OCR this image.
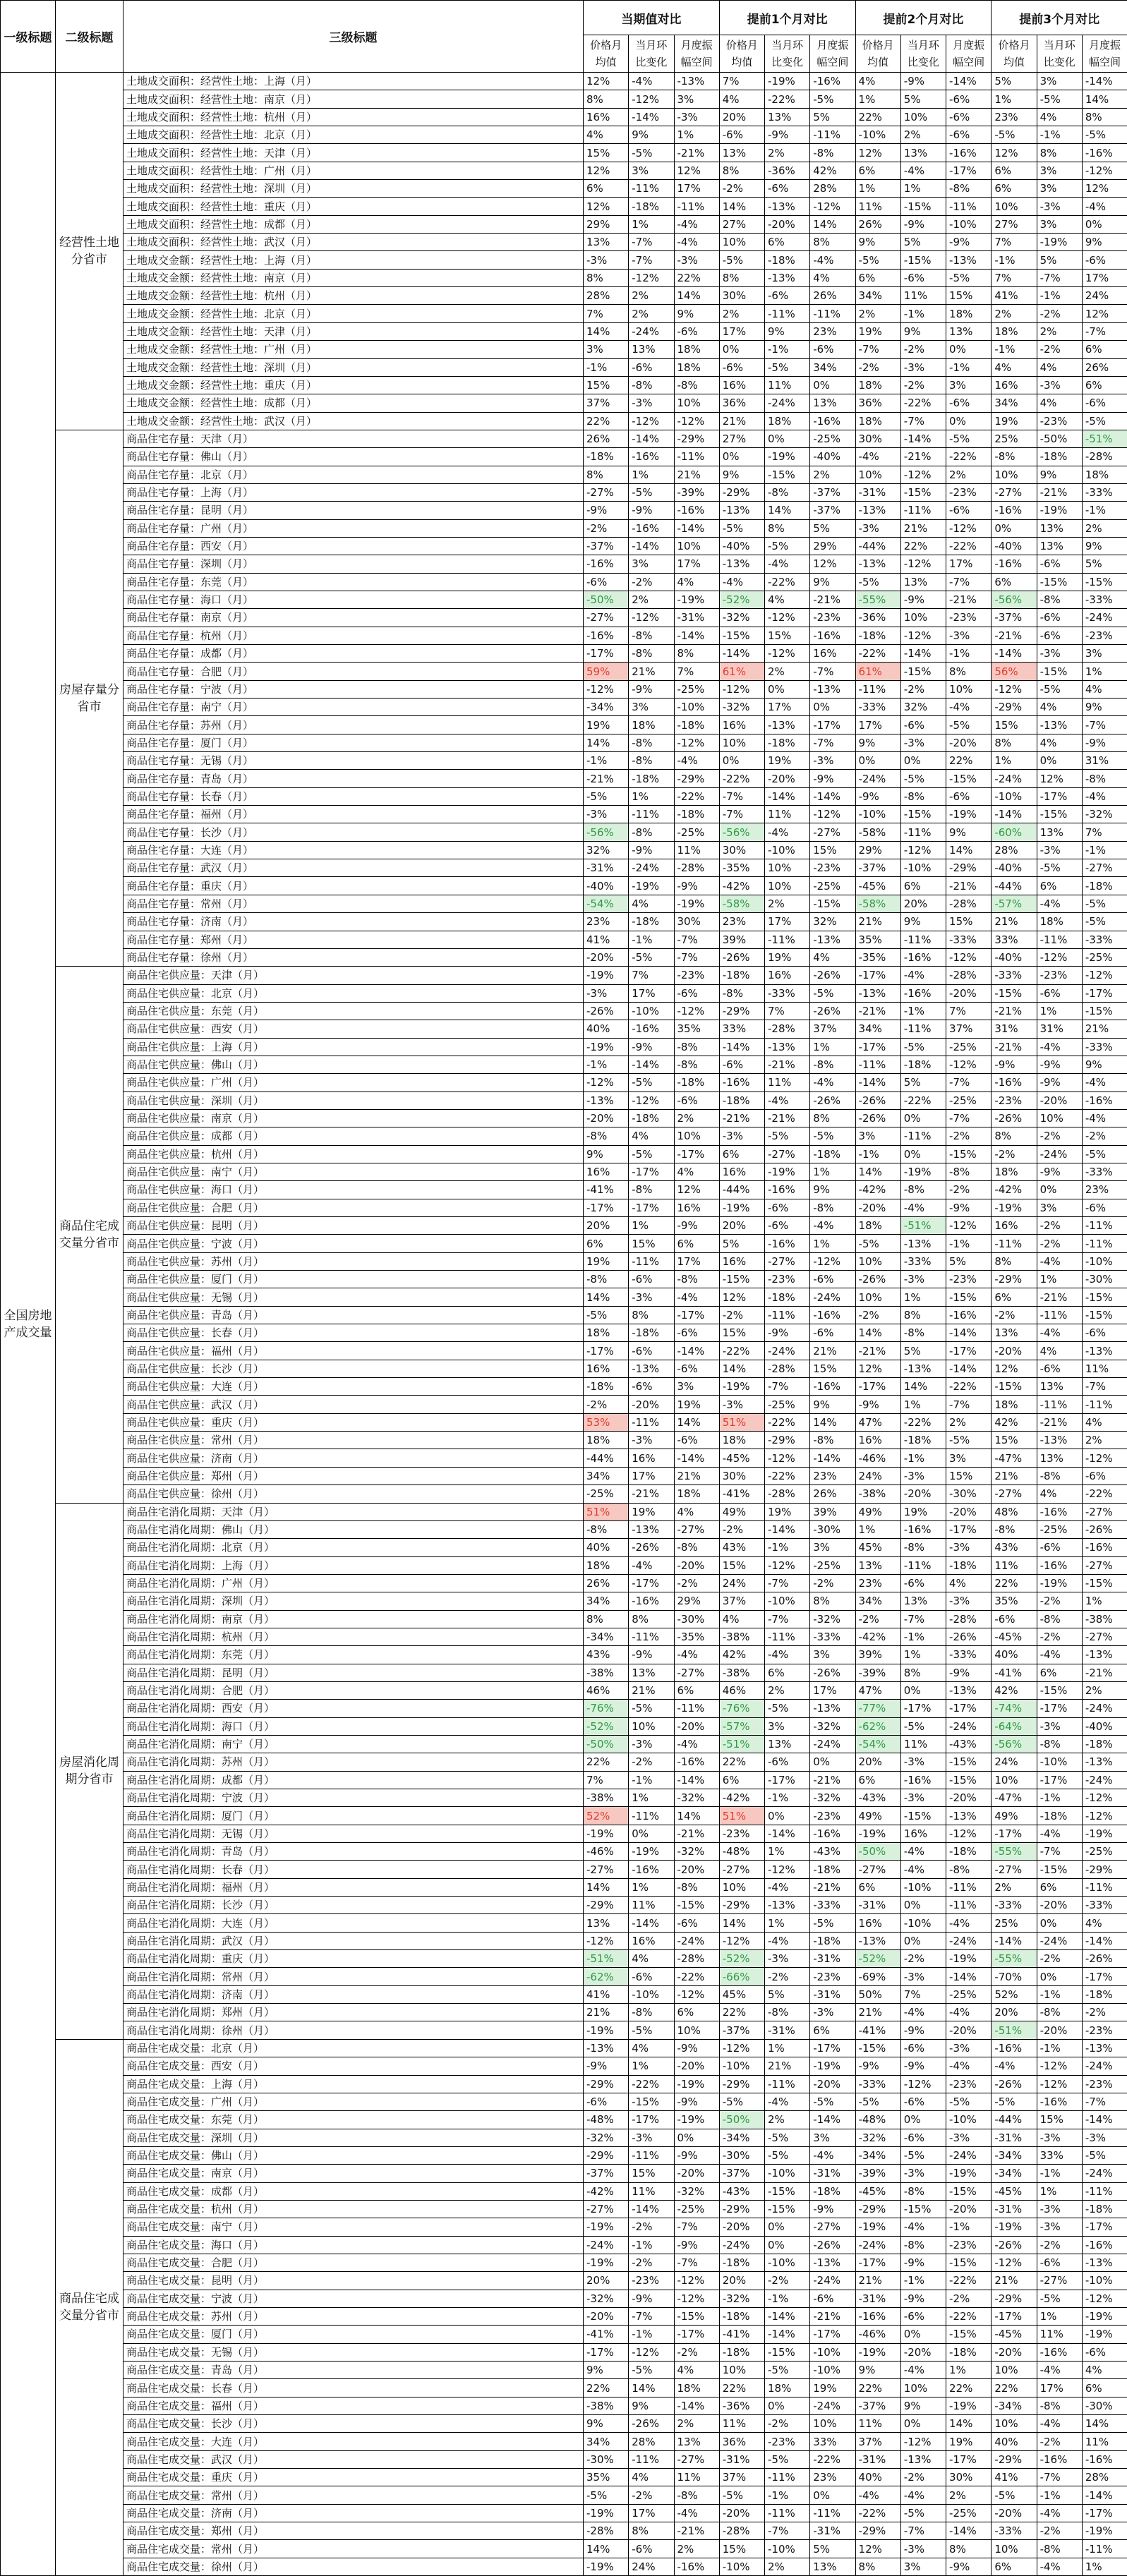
一级标题	二级标题	三级标题	当期值对比			提前1个月对比			提前2个月对比			提前3个月对比		
			价格月均值	当月环比变化	月度振幅空间	价格月均值	当月环比变化	月度振幅空间	价格月均值	当月环比变化	月度振幅空间	价格月均值	当月环比变化	月度振幅空间
全国房地产成交量	经营性土地分省市	土地成交面积：经营性土地：上海（月）	12%	-4%	-13%	7%	-19%	-16%	4%	-9%	-14%	5%	3%	-14%
		土地成交面积：经营性土地：南京（月）	8%	-12%	3%	4%	-22%	-5%	1%	5%	-6%	1%	-5%	14%
		土地成交面积：经营性土地：杭州（月）	16%	-14%	-3%	20%	13%	5%	22%	10%	-6%	23%	4%	8%
		土地成交面积：经营性土地：北京（月）	4%	9%	1%	-6%	-9%	-11%	-10%	2%	-6%	-5%	-1%	-5%
		土地成交面积：经营性土地：天津（月）	15%	-5%	-21%	13%	2%	-8%	12%	13%	-16%	12%	8%	-16%
		土地成交面积：经营性土地：广州（月）	12%	3%	12%	8%	-36%	42%	6%	-4%	-17%	6%	3%	-12%
		土地成交面积：经营性土地：深圳（月）	6%	-11%	17%	-2%	-6%	28%	1%	1%	-8%	6%	3%	12%
		土地成交面积：经营性土地：重庆（月）	12%	-18%	-11%	14%	-13%	-12%	11%	-15%	-11%	10%	-3%	-4%
		土地成交面积：经营性土地：成都（月）	29%	1%	-4%	27%	-20%	14%	26%	-9%	-10%	27%	3%	0%
		土地成交面积：经营性土地：武汉（月）	13%	-7%	-4%	10%	6%	8%	9%	5%	-9%	7%	-19%	9%
		土地成交金额：经营性土地：上海（月）	-3%	-7%	-3%	-5%	-18%	-4%	-5%	-15%	-13%	-1%	5%	-6%
		土地成交金额：经营性土地：南京（月）	8%	-12%	22%	8%	-13%	4%	6%	-6%	-5%	7%	-7%	17%
		土地成交金额：经营性土地：杭州（月）	28%	2%	14%	30%	-6%	26%	34%	11%	15%	41%	-1%	24%
		土地成交金额：经营性土地：北京（月）	7%	2%	9%	2%	-11%	-11%	2%	-1%	18%	2%	-2%	12%
		土地成交金额：经营性土地：天津（月）	14%	-24%	-6%	17%	9%	23%	19%	9%	13%	18%	2%	-7%
		土地成交金额：经营性土地：广州（月）	3%	13%	18%	0%	-1%	-6%	-7%	-2%	0%	-1%	-2%	6%
		土地成交金额：经营性土地：深圳（月）	-1%	-6%	18%	-6%	-5%	34%	-2%	-3%	-1%	4%	4%	26%
		土地成交金额：经营性土地：重庆（月）	15%	-8%	-8%	16%	11%	0%	18%	-2%	3%	16%	-3%	6%
		土地成交金额：经营性土地：成都（月）	37%	-3%	10%	36%	-24%	13%	36%	-22%	-6%	34%	4%	-6%
		土地成交金额：经营性土地：武汉（月）	22%	-12%	-12%	21%	18%	-16%	18%	-7%	0%	19%	-23%	-5%
	房屋存量分省市	商品住宅存量：天津（月）	26%	-14%	-29%	27%	0%	-25%	30%	-14%	-5%	25%	-50%	-51%
		商品住宅存量：佛山（月）	-18%	-16%	-11%	0%	-19%	-40%	-4%	-21%	-22%	-8%	-18%	-28%
		商品住宅存量：北京（月）	8%	1%	21%	9%	-15%	2%	10%	-12%	2%	10%	9%	18%
		商品住宅存量：上海（月）	-27%	-5%	-39%	-29%	-8%	-37%	-31%	-15%	-23%	-27%	-21%	-33%
		商品住宅存量：昆明（月）	-9%	-9%	-16%	-13%	14%	-37%	-13%	-11%	-6%	-16%	-19%	-1%
		商品住宅存量：广州（月）	-2%	-16%	-14%	-5%	8%	5%	-3%	21%	-12%	0%	13%	2%
		商品住宅存量：西安（月）	-37%	-14%	10%	-40%	-5%	29%	-44%	22%	-22%	-40%	13%	9%
		商品住宅存量：深圳（月）	-16%	3%	17%	-13%	-4%	12%	-13%	-12%	17%	-16%	-6%	5%
		商品住宅存量：东莞（月）	-6%	-2%	4%	-4%	-22%	9%	-5%	13%	-7%	6%	-15%	-15%
		商品住宅存量：海口（月）	-50%	2%	-19%	-52%	4%	-21%	-55%	-9%	-21%	-56%	-8%	-33%
		商品住宅存量：南京（月）	-27%	-12%	-31%	-32%	-12%	-23%	-36%	10%	-23%	-37%	-6%	-24%
		商品住宅存量：杭州（月）	-16%	-8%	-14%	-15%	15%	-16%	-18%	-12%	-3%	-21%	-6%	-23%
		商品住宅存量：成都（月）	-17%	-8%	8%	-14%	-12%	16%	-22%	-14%	-1%	-14%	-3%	3%
		商品住宅存量：合肥（月）	59%	21%	7%	61%	2%	-7%	61%	-15%	8%	56%	-15%	1%
		商品住宅存量：宁波（月）	-12%	-9%	-25%	-12%	0%	-13%	-11%	-2%	10%	-12%	-5%	4%
		商品住宅存量：南宁（月）	-34%	3%	-10%	-32%	17%	0%	-33%	32%	-4%	-29%	4%	9%
		商品住宅存量：苏州（月）	19%	18%	-18%	16%	-13%	-17%	17%	-6%	-5%	15%	-13%	-7%
		商品住宅存量：厦门（月）	14%	-8%	-12%	10%	-18%	-7%	9%	-3%	-20%	8%	4%	-9%
		商品住宅存量：无锡（月）	-1%	-8%	-4%	0%	19%	-3%	0%	0%	22%	1%	0%	31%
		商品住宅存量：青岛（月）	-21%	-18%	-29%	-22%	-20%	-9%	-24%	-5%	-15%	-24%	12%	-8%
		商品住宅存量：长春（月）	-5%	1%	-22%	-7%	-14%	-14%	-9%	-8%	-6%	-10%	-17%	-4%
		商品住宅存量：福州（月）	-3%	-11%	-18%	-7%	11%	-12%	-10%	-15%	-19%	-14%	-15%	-32%
		商品住宅存量：长沙（月）	-56%	-8%	-25%	-56%	-4%	-27%	-58%	-11%	9%	-60%	13%	7%
		商品住宅存量：大连（月）	32%	-9%	11%	30%	-10%	15%	29%	-12%	14%	28%	-3%	-1%
		商品住宅存量：武汉（月）	-31%	-24%	-28%	-35%	10%	-23%	-37%	-10%	-29%	-40%	-5%	-27%
		商品住宅存量：重庆（月）	-40%	-19%	-9%	-42%	10%	-25%	-45%	6%	-21%	-44%	6%	-18%
		商品住宅存量：常州（月）	-54%	4%	-19%	-58%	2%	-15%	-58%	20%	-28%	-57%	-4%	-5%
		商品住宅存量：济南（月）	23%	-18%	30%	23%	17%	32%	21%	9%	15%	21%	18%	-5%
		商品住宅存量：郑州（月）	41%	-1%	-7%	39%	-11%	-13%	35%	-11%	-33%	33%	-11%	-33%
		商品住宅存量：徐州（月）	-20%	-5%	-7%	-26%	19%	4%	-35%	-16%	-12%	-40%	-12%	-25%
	商品住宅成交量分省市	商品住宅供应量：天津（月）	-19%	7%	-23%	-18%	16%	-26%	-17%	-4%	-28%	-33%	-23%	-12%
		商品住宅供应量：北京（月）	-3%	17%	-6%	-8%	-33%	-5%	-13%	-16%	-20%	-15%	-6%	-17%
		商品住宅供应量：东莞（月）	-26%	-10%	-12%	-29%	7%	-26%	-21%	-1%	7%	-21%	1%	-15%
		商品住宅供应量：西安（月）	40%	-16%	35%	33%	-28%	37%	34%	-11%	37%	31%	31%	21%
		商品住宅供应量：上海（月）	-19%	-9%	-8%	-14%	-13%	1%	-17%	-5%	-25%	-21%	-4%	-33%
		商品住宅供应量：佛山（月）	-1%	-14%	-8%	-6%	-21%	-8%	-11%	-18%	-12%	-9%	-9%	9%
		商品住宅供应量：广州（月）	-12%	-5%	-18%	-16%	11%	-4%	-14%	5%	-7%	-16%	-9%	-4%
		商品住宅供应量：深圳（月）	-13%	-12%	-6%	-18%	-4%	-26%	-26%	-22%	-25%	-23%	-20%	-16%
		商品住宅供应量：南京（月）	-20%	-18%	2%	-21%	-21%	8%	-26%	0%	-7%	-26%	10%	-4%
		商品住宅供应量：成都（月）	-8%	4%	10%	-3%	-5%	-5%	3%	-11%	-2%	8%	-2%	-2%
		商品住宅供应量：杭州（月）	9%	-5%	-17%	6%	-27%	-18%	-1%	0%	-15%	-2%	-24%	-5%
		商品住宅供应量：南宁（月）	16%	-17%	4%	16%	-19%	1%	14%	-19%	-8%	18%	-9%	-33%
		商品住宅供应量：海口（月）	-41%	-8%	12%	-44%	-16%	9%	-42%	-8%	-2%	-42%	0%	23%
		商品住宅供应量：合肥（月）	-17%	-17%	16%	-19%	-6%	-8%	-20%	-4%	-9%	-19%	3%	-6%
		商品住宅供应量：昆明（月）	20%	1%	-9%	20%	-6%	-4%	18%	-51%	-12%	16%	-2%	-11%
		商品住宅供应量：宁波（月）	6%	15%	6%	5%	-16%	1%	-5%	-13%	-1%	-11%	-2%	-11%
		商品住宅供应量：苏州（月）	19%	-11%	17%	16%	-27%	-12%	10%	-33%	5%	8%	-4%	-10%
		商品住宅供应量：厦门（月）	-8%	-6%	-8%	-15%	-23%	-6%	-26%	-3%	-23%	-29%	1%	-30%
		商品住宅供应量：无锡（月）	14%	-3%	-4%	12%	-18%	-24%	10%	1%	-15%	6%	-21%	-15%
		商品住宅供应量：青岛（月）	-5%	8%	-17%	-2%	-11%	-16%	-2%	8%	-16%	-2%	-11%	-15%
		商品住宅供应量：长春（月）	18%	-18%	-6%	15%	-9%	-6%	14%	-8%	-14%	13%	-4%	-6%
		商品住宅供应量：福州（月）	-17%	-6%	-14%	-22%	-24%	21%	-21%	5%	-17%	-20%	4%	-13%
		商品住宅供应量：长沙（月）	16%	-13%	-6%	14%	-28%	15%	12%	-13%	-14%	12%	-6%	11%
		商品住宅供应量：大连（月）	-18%	-6%	3%	-19%	-7%	-16%	-17%	14%	-22%	-15%	13%	-7%
		商品住宅供应量：武汉（月）	-2%	-20%	19%	-3%	-25%	9%	-9%	1%	-7%	18%	-11%	-11%
		商品住宅供应量：重庆（月）	53%	-11%	14%	51%	-22%	14%	47%	-22%	2%	42%	-21%	4%
		商品住宅供应量：常州（月）	18%	-3%	-6%	18%	-29%	-8%	16%	-18%	-5%	15%	-13%	2%
		商品住宅供应量：济南（月）	-44%	16%	-14%	-45%	-12%	-14%	-46%	-1%	3%	-47%	13%	-12%
		商品住宅供应量：郑州（月）	34%	17%	21%	30%	-22%	23%	24%	-3%	15%	21%	-8%	-6%
		商品住宅供应量：徐州（月）	-25%	-21%	18%	-41%	-28%	26%	-38%	-20%	-30%	-27%	4%	-22%
	房屋消化周期分省市	商品住宅消化周期：天津（月）	51%	19%	4%	49%	19%	39%	49%	19%	-20%	48%	-16%	-27%
		商品住宅消化周期：佛山（月）	-8%	-13%	-27%	-2%	-14%	-30%	1%	-16%	-17%	-8%	-25%	-26%
		商品住宅消化周期：北京（月）	40%	-26%	-8%	43%	-1%	3%	45%	-8%	-3%	43%	-6%	-16%
		商品住宅消化周期：上海（月）	18%	-4%	-20%	15%	-12%	-25%	13%	-11%	-18%	11%	-16%	-27%
		商品住宅消化周期：广州（月）	26%	-17%	-2%	24%	-7%	-2%	23%	-6%	4%	22%	-19%	-15%
		商品住宅消化周期：深圳（月）	34%	-16%	29%	37%	-10%	8%	34%	13%	-3%	35%	-2%	1%
		商品住宅消化周期：南京（月）	8%	8%	-30%	4%	-7%	-32%	-2%	-7%	-28%	-6%	-8%	-38%
		商品住宅消化周期：杭州（月）	-34%	-11%	-35%	-38%	-11%	-33%	-42%	-1%	-26%	-45%	-2%	-27%
		商品住宅消化周期：东莞（月）	43%	-9%	-4%	42%	-4%	3%	39%	1%	-33%	40%	-4%	-13%
		商品住宅消化周期：昆明（月）	-38%	13%	-27%	-38%	6%	-26%	-39%	8%	-9%	-41%	6%	-21%
		商品住宅消化周期：合肥（月）	46%	21%	6%	46%	2%	17%	47%	0%	-13%	42%	-15%	2%
		商品住宅消化周期：西安（月）	-76%	-5%	-11%	-76%	-5%	-13%	-77%	-17%	-17%	-74%	-17%	-24%
		商品住宅消化周期：海口（月）	-52%	10%	-20%	-57%	3%	-32%	-62%	-5%	-24%	-64%	-3%	-40%
		商品住宅消化周期：南宁（月）	-50%	-3%	-4%	-51%	13%	-24%	-54%	11%	-43%	-56%	-8%	-18%
		商品住宅消化周期：苏州（月）	22%	-2%	-16%	22%	-6%	0%	20%	-3%	-15%	24%	-10%	-13%
		商品住宅消化周期：成都（月）	7%	-1%	-14%	6%	-17%	-21%	6%	-16%	-15%	10%	-17%	-24%
		商品住宅消化周期：宁波（月）	-38%	1%	-32%	-42%	-1%	-32%	-43%	-3%	-20%	-47%	-1%	-12%
		商品住宅消化周期：厦门（月）	52%	-11%	14%	51%	0%	-23%	49%	-15%	-13%	49%	-18%	-12%
		商品住宅消化周期：无锡（月）	-19%	0%	-21%	-23%	-14%	-16%	-19%	16%	-12%	-17%	-4%	-19%
		商品住宅消化周期：青岛（月）	-46%	-19%	-32%	-48%	1%	-43%	-50%	-4%	-18%	-55%	-7%	-25%
		商品住宅消化周期：长春（月）	-27%	-16%	-20%	-27%	-12%	-18%	-27%	-4%	-8%	-27%	-15%	-29%
		商品住宅消化周期：福州（月）	14%	1%	-8%	10%	-4%	-21%	6%	-10%	-11%	2%	6%	-11%
		商品住宅消化周期：长沙（月）	-29%	11%	-15%	-29%	-13%	-33%	-31%	0%	-11%	-33%	-20%	-33%
		商品住宅消化周期：大连（月）	13%	-14%	-6%	14%	1%	-5%	16%	-10%	-4%	25%	0%	4%
		商品住宅消化周期：武汉（月）	-12%	16%	-24%	-12%	-4%	-18%	-13%	0%	-24%	-14%	-24%	-14%
		商品住宅消化周期：重庆（月）	-51%	4%	-28%	-52%	-3%	-31%	-52%	-2%	-19%	-55%	-2%	-26%
		商品住宅消化周期：常州（月）	-62%	-6%	-22%	-66%	-2%	-23%	-69%	-3%	-14%	-70%	0%	-17%
		商品住宅消化周期：济南（月）	41%	-10%	-12%	45%	5%	-31%	50%	7%	-25%	52%	-1%	-18%
		商品住宅消化周期：郑州（月）	21%	-8%	6%	22%	-8%	-3%	21%	-4%	-4%	20%	-8%	-2%
		商品住宅消化周期：徐州（月）	-19%	-5%	10%	-37%	-31%	6%	-41%	-9%	-20%	-51%	-20%	-23%
	商品住宅成交量分省市	商品住宅成交量：北京（月）	-13%	4%	-9%	-12%	1%	-17%	-15%	-6%	-3%	-16%	-1%	-13%
		商品住宅成交量：西安（月）	-9%	1%	-20%	-10%	21%	-19%	-9%	-9%	-4%	-4%	-12%	-24%
		商品住宅成交量：上海（月）	-29%	-22%	-19%	-29%	-11%	-20%	-33%	-12%	-23%	-26%	-12%	-23%
		商品住宅成交量：广州（月）	-6%	-15%	-9%	-5%	-4%	-5%	-5%	-6%	-5%	-5%	-16%	-7%
		商品住宅成交量：东莞（月）	-48%	-17%	-19%	-50%	2%	-14%	-48%	0%	-10%	-44%	15%	-14%
		商品住宅成交量：深圳（月）	-32%	-3%	0%	-34%	-5%	3%	-32%	-6%	-3%	-31%	-3%	-3%
		商品住宅成交量：佛山（月）	-29%	-11%	-9%	-30%	-5%	-4%	-34%	-5%	-24%	-34%	33%	-5%
		商品住宅成交量：南京（月）	-37%	15%	-20%	-37%	-10%	-31%	-39%	-3%	-19%	-34%	-1%	-24%
		商品住宅成交量：成都（月）	-42%	11%	-32%	-43%	-15%	-18%	-45%	-8%	-15%	-45%	1%	-11%
		商品住宅成交量：杭州（月）	-27%	-14%	-25%	-29%	-15%	-9%	-29%	-15%	-20%	-31%	-3%	-18%
		商品住宅成交量：南宁（月）	-19%	-2%	-7%	-20%	0%	-27%	-19%	-4%	-1%	-19%	-3%	-17%
		商品住宅成交量：海口（月）	-24%	-1%	-9%	-24%	0%	-26%	-24%	-8%	-23%	-26%	-2%	-16%
		商品住宅成交量：合肥（月）	-19%	-2%	-7%	-18%	-10%	-13%	-17%	-9%	-15%	-12%	-6%	-13%
		商品住宅成交量：昆明（月）	20%	-23%	-12%	20%	-2%	-24%	21%	-1%	-22%	21%	-27%	-10%
		商品住宅成交量：宁波（月）	-32%	-9%	-12%	-32%	-1%	-6%	-31%	-9%	-2%	-29%	-5%	-12%
		商品住宅成交量：苏州（月）	-20%	-7%	-15%	-18%	-14%	-21%	-16%	-6%	-22%	-17%	1%	-19%
		商品住宅成交量：厦门（月）	-41%	-1%	-17%	-41%	-14%	-17%	-46%	0%	-15%	-45%	11%	-19%
		商品住宅成交量：无锡（月）	-17%	-12%	-2%	-18%	-15%	-10%	-19%	-20%	-18%	-20%	-16%	-6%
		商品住宅成交量：青岛（月）	9%	-5%	4%	10%	-5%	-10%	9%	-4%	1%	10%	-4%	4%
		商品住宅成交量：长春（月）	22%	14%	18%	22%	18%	19%	22%	10%	22%	22%	17%	6%
		商品住宅成交量：福州（月）	-38%	9%	-14%	-36%	0%	-24%	-37%	9%	-19%	-34%	-8%	-30%
		商品住宅成交量：长沙（月）	9%	-26%	2%	11%	-2%	10%	11%	0%	14%	10%	-4%	14%
		商品住宅成交量：大连（月）	34%	28%	13%	36%	-23%	33%	37%	-12%	19%	40%	-2%	11%
		商品住宅成交量：武汉（月）	-30%	-11%	-27%	-31%	-5%	-22%	-31%	-13%	-17%	-29%	-16%	-16%
		商品住宅成交量：重庆（月）	35%	4%	11%	37%	-11%	23%	40%	-2%	30%	41%	-7%	28%
		商品住宅成交量：常州（月）	-5%	-2%	-8%	-5%	-1%	0%	-4%	-4%	2%	-5%	-1%	-14%
		商品住宅成交量：济南（月）	-19%	17%	-4%	-20%	-11%	-11%	-22%	-5%	-25%	-20%	-4%	-17%
		商品住宅成交量：郑州（月）	-28%	8%	-21%	-28%	-7%	-31%	-29%	-7%	-14%	-33%	-2%	-19%
		商品住宅成交量：常州（月）	14%	-6%	2%	15%	-10%	5%	12%	-3%	8%	10%	-8%	-11%
		商品住宅成交量：徐州（月）	-19%	24%	-16%	-10%	2%	13%	8%	3%	-9%	6%	-4%	1%
